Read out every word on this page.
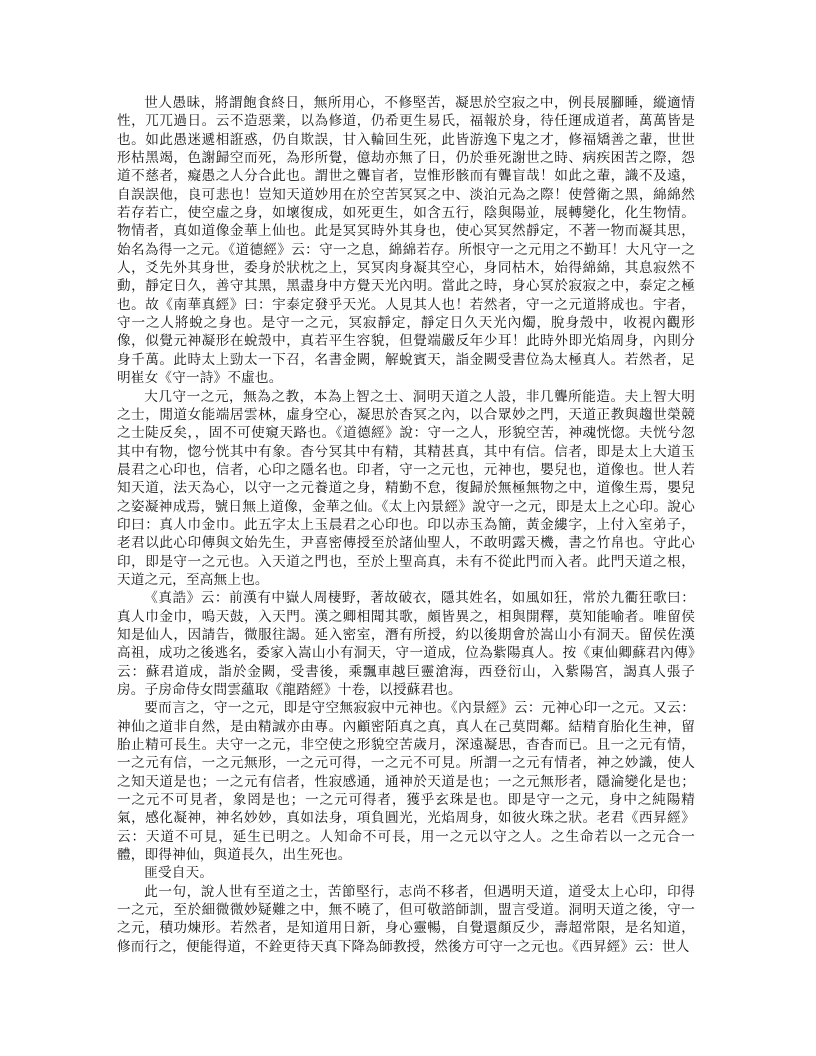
世人愚昧，將謂飽食終日，無所用心，不修堅苦，凝思於空寂之中，例長展腳睡，縱適情性，兀兀過日。云不造惡業，以為修道，仍希更生易氏，福報於身，待任運成道者，萬萬皆是也。如此愚迷遞相誑惑，仍自欺誤，甘入輪回生死，此皆游逸下鬼之才，修福矯善之輩，世世形枯黑竭，色謝歸空而死，為形所覺，億劫亦無了日，仍於垂死謝世之時、病疾困苦之際，怨道不慈者，癡愚之人分合此也。謂世之聾盲者，豈惟形骸而有聾盲哉！如此之輩，識不及遠，自誤誤他，良可悲也！豈知天道妙用在於空苦冥冥之中、淡泊元為之際！使營衛之黑，綿綿然若存若亡，使空虛之身，如壞復成，如死更生，如含五行，陰與陽並，展轉變化，化生物情。物情者，真如道像金華上仙也。此是冥冥時外其身也，使心冥冥然靜定，不著一物而凝其思，始名為得一之元。《道德經》云：守一之息，綿綿若存。所恨守一之元用之不勤耳！大凡守一之人，爻先外其身世，委身於狀枕之上，冥冥肉身凝其空心，身同枯木，始得綿綿，其息寂然不動，靜定日久，善守其黑，黑盡身中方覺天光內明。當此之時，身心冥於寂寂之中，泰定之極也。故《南華真經》曰：宇泰定發乎天光。人見其人也！若然者，守一之元道將成也。宇者，守一之人將蛻之身也。是守一之元，冥寂靜定，靜定日久天光內燭，脫身殼中，收視內觀形像，似覺元神凝形在蛻殼中，真若平生容貌，但覺端嚴反年少耳！此時外即光焰周身，內則分身千萬。此時太上勁太一下召，名書金闕，解蛻賓天，詣金闕受書位為太極真人。若然者，足明崔女《守一詩》不虛也。

大几守一之元，無為之教，本為上智之士、洞明天道之人設，非几聾所能造。夫上智大明之士，閒道女能端居雲林，虛身空心，凝思於杳冥之內，以合眾妙之門，天道正教與趨世榮競之士陡反矣，，固不可使窺天路也。《道德經》說：守一之人，形貌空苦，神魂恍惚。夫恍兮忽其中有物，惚兮恍其中有象。杳兮冥其中有精，其精甚真，其中有信。信者，即是太上大道玉晨君之心印也，信者，心印之隱名也。印者，守一之元也，元神也，嬰兒也，道像也。世人若知天道，法天為心，以守一之元養道之身，精勤不怠，復歸於無極無物之中，道像生焉，嬰兒之姿凝神成焉，號日無上道像，金華之仙。《太上內景經》說守一之元，即是太上之心印。說心印曰：真人巾金巾。此五字太上玉晨君之心印也。印以赤玉為簡，黃金縷字，上付入室弟子，老君以此心印傳與文始先生，尹喜密傳授至於諸仙聖人，不敢明露天機，書之竹帛也。守此心印，即是守一之元也。入天道之門也，至於上聖高真，未有不從此門而入者。此門天道之根，天道之元，至高無上也。

《真誥》云：前漢有中嶽人周棲野，著故破衣，隱其姓名，如風如狂，常於九衢狂歌曰：真人巾金巾，嗚天鼓，入天門。漢之卿相聞其歌，頗皆異之，相與開釋，莫知能喻者。唯留侯知是仙人，因請告，微服往謁。延入密室，潛有所授，約以後期會於嵩山小有洞天。留侯佐漢高祖，成功之後逃名，委家入嵩山小有洞天，守一道成，位為紫陽真人。按《東仙卿蘇君內傳》云：蘇君道成，詣於金闕，受書後，乘飄車越巨靈滄海，西登衍山，入紫陽宮，謁真人張子房。子房命侍女問雲蘊取《龍踏經》十卷，以授蘇君也。

要而言之，守一之元，即是守空無寂寂中元神也。《內景經》云：元神心印一之元。又云：神仙之道非自然，是由精誠亦由專。內顧密陌真之真，真人在己莫問鄰。結精育胎化生神，留胎止精可長生。夫守一之元，非空使之形貌空苦歲月，深遠凝思，杳杳而已。且一之元有情，一之元有信，一之元無形，一之元可得，一之元不可見。所謂一之元有情者，神之妙識，使人之知天道是也；一之元有信者，性寂感通，通神於天道是也；一之元無形者，隱淪變化是也；一之元不可見者，象罔是也；一之元可得者，獲乎玄珠是也。即是守一之元，身中之純陽精氣，感化凝神，神名妙妙，真如法身，項負圓光，光焰周身，如彼火珠之狀。老君《西昇經》云：天道不可見，延生已明之。人知命不可長，用一之元以守之人。之生命若以一之元合一體，即得神仙，與道長久，出生死也。

匪受自天。

此一句，說人世有至道之士，苦節堅行，志尚不移者，但遇明天道，道受太上心印，印得一之元，至於細微微妙疑難之中，無不曉了，但可敬諮師訓，盟言受道。洞明天道之後，守一之元，積功煉形。若然者，是知道用日新，身心靈暢，自覺還顏反少，壽超常限，是名知道，修而行之，便能得道，不銓更待天真下降為師教授，然後方可守一之元也。《西昇經》云：世人
